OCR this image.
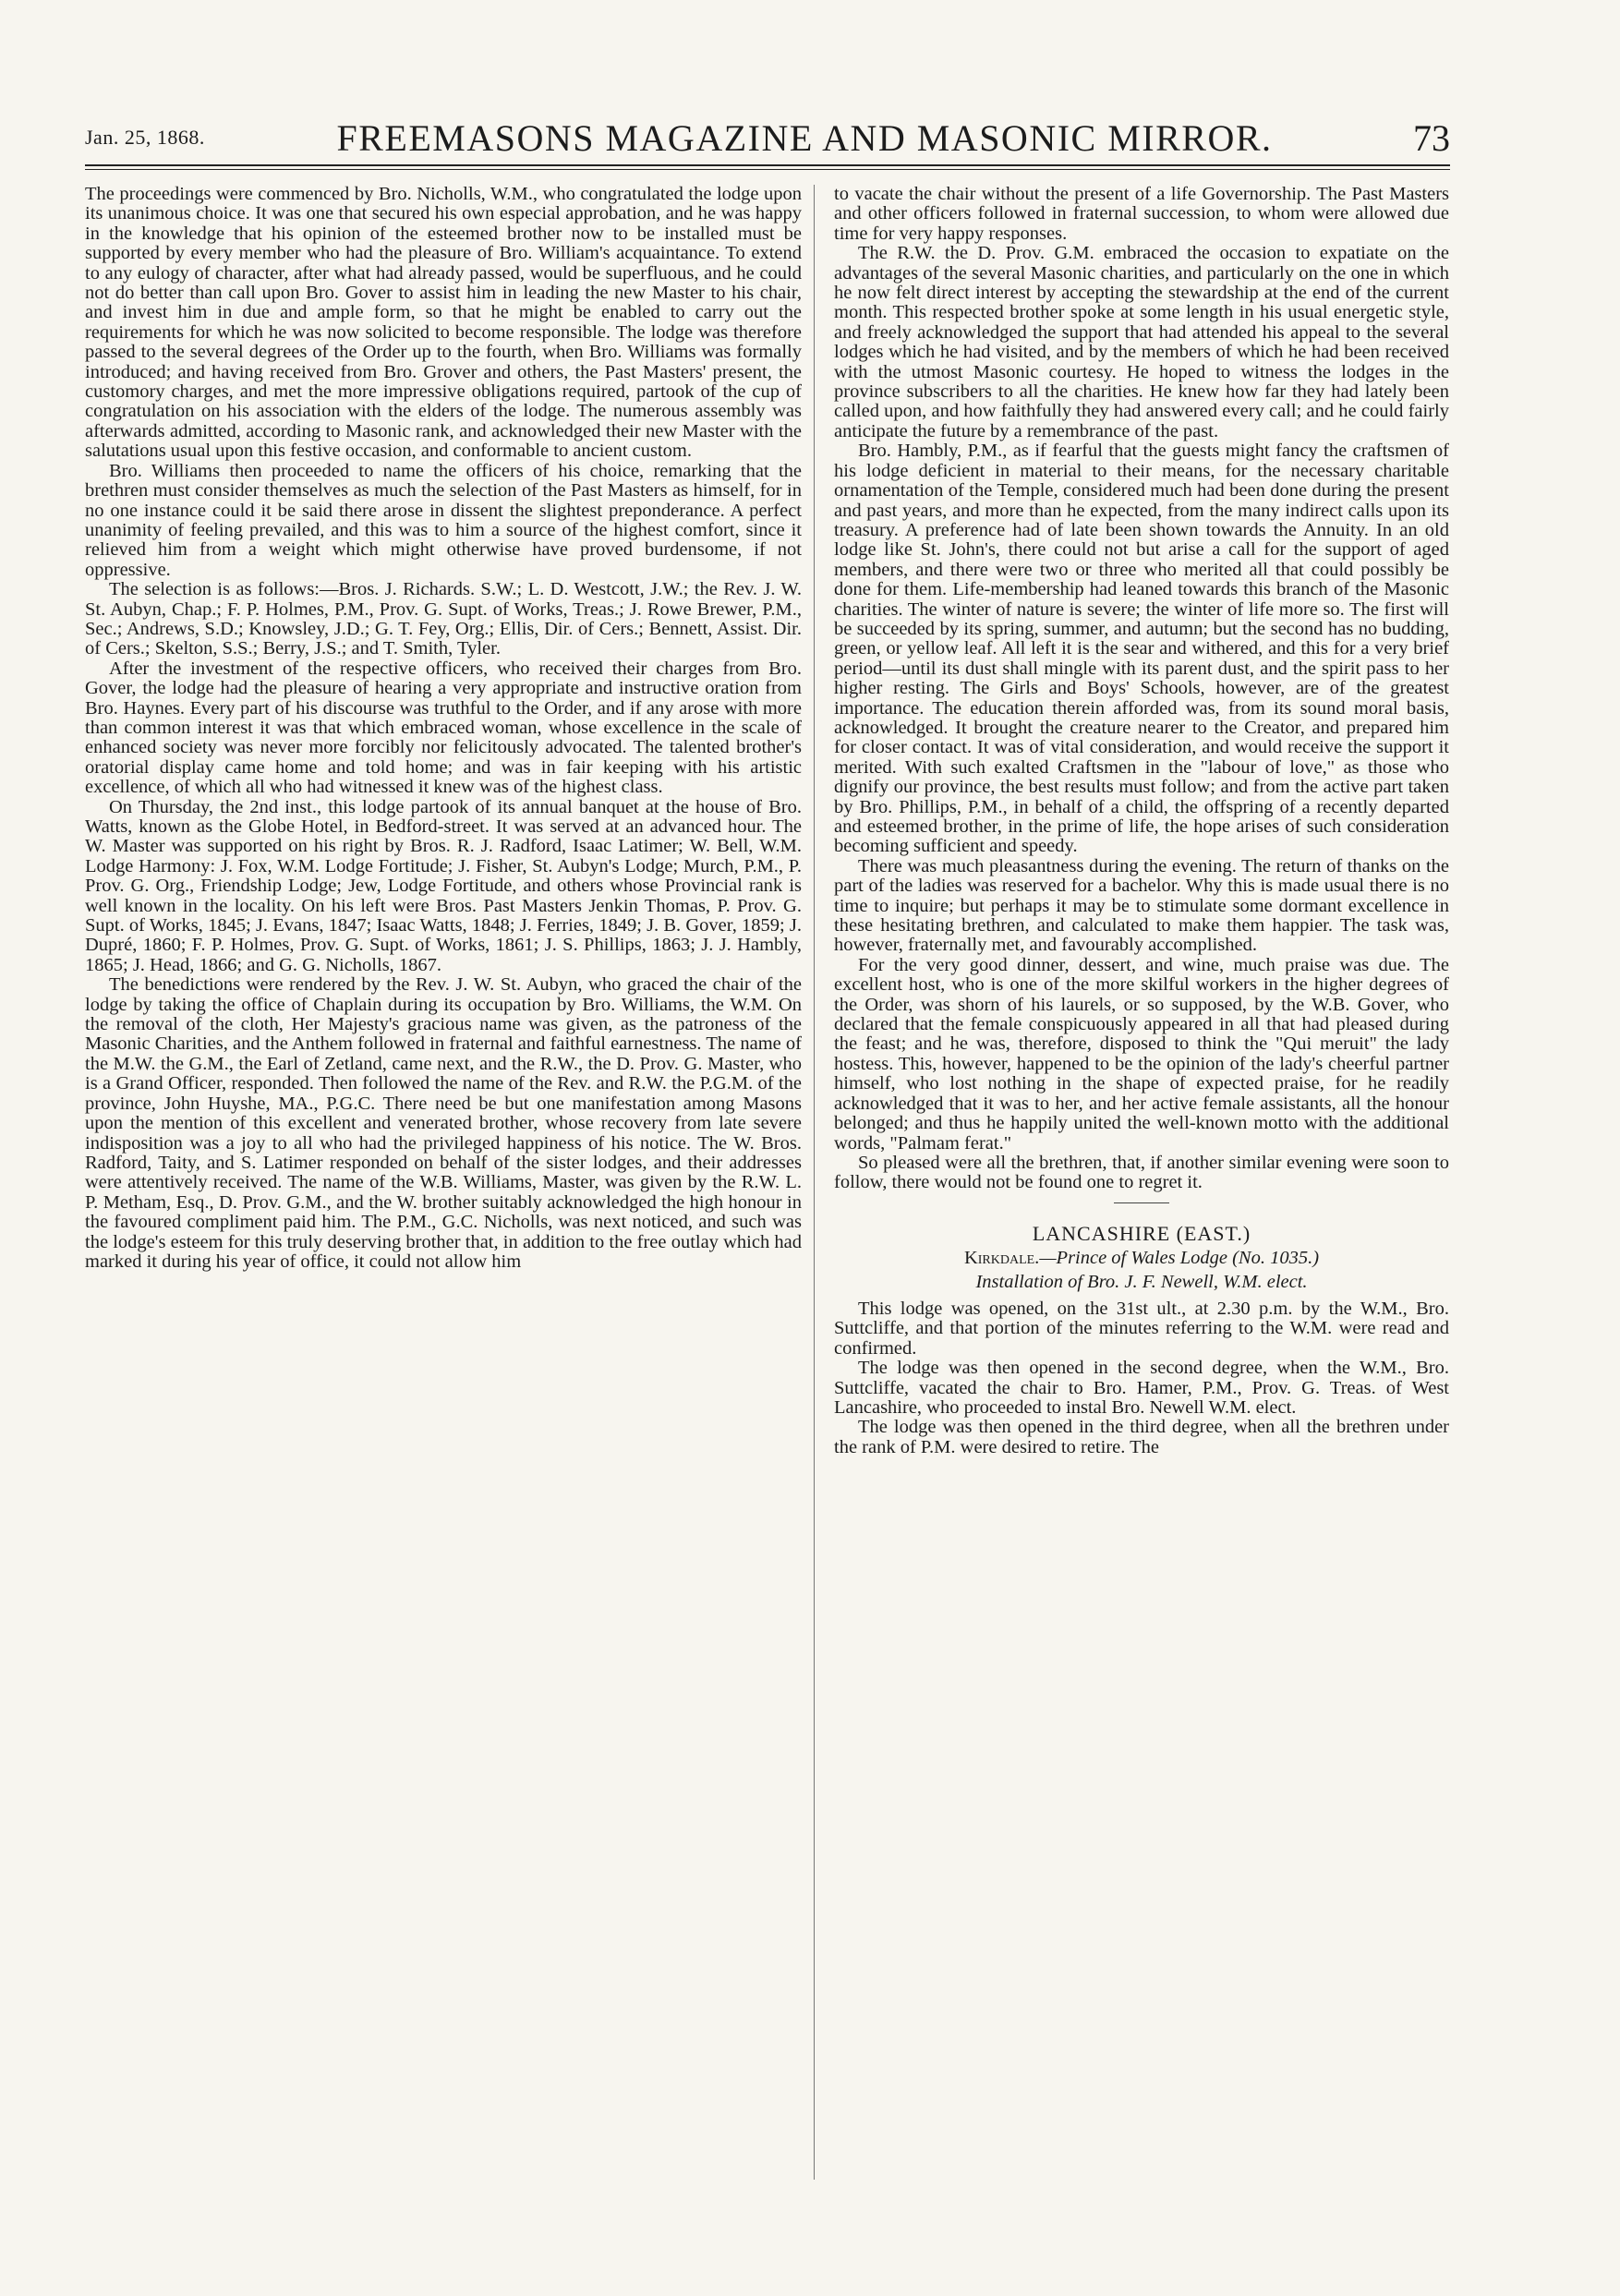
Jan. 25, 1868.	FREEMASONS MAGAZINE AND MASONIC MIRROR.	73

The proceedings were commenced by Bro. Nicholls, W.M., who congratulated the lodge upon its unanimous choice. It was one that secured his own especial approbation, and he was happy in the knowledge that his opinion of the esteemed brother now to be installed must be supported by every member who had the pleasure of Bro. William's acquaintance. To extend to any eulogy of character, after what had already passed, would be superfluous, and he could not do better than call upon Bro. Gover to assist him in leading the new Master to his chair, and invest him in due and ample form, so that he might be enabled to carry out the requirements for which he was now solicited to become responsible. The lodge was therefore passed to the several degrees of the Order up to the fourth, when Bro. Williams was formally introduced; and having received from Bro. Grover and others, the Past Masters' present, the customory charges, and met the more impressive obligations required, partook of the cup of congratulation on his association with the elders of the lodge. The numerous assembly was afterwards admitted, according to Masonic rank, and acknowledged their new Master with the salutations usual upon this festive occasion, and conformable to ancient custom.

Bro. Williams then proceeded to name the officers of his choice, remarking that the brethren must consider themselves as much the selection of the Past Masters as himself, for in no one instance could it be said there arose in dissent the slightest preponderance. A perfect unanimity of feeling prevailed, and this was to him a source of the highest comfort, since it relieved him from a weight which might otherwise have proved burdensome, if not oppressive.

The selection is as follows:—Bros. J. Richards. S.W.; L. D. Westcott, J.W.; the Rev. J. W. St. Aubyn, Chap.; F. P. Holmes, P.M., Prov. G. Supt. of Works, Treas.; J. Rowe Brewer, P.M., Sec.; Andrews, S.D.; Knowsley, J.D.; G. T. Fey, Org.; Ellis, Dir. of Cers.; Bennett, Assist. Dir. of Cers.; Skelton, S.S.; Berry, J.S.; and T. Smith, Tyler.

After the investment of the respective officers, who received their charges from Bro. Gover, the lodge had the pleasure of hearing a very appropriate and instructive oration from Bro. Haynes. Every part of his discourse was truthful to the Order, and if any arose with more than common interest it was that which embraced woman, whose excellence in the scale of enhanced society was never more forcibly nor felicitously advocated. The talented brother's oratorial display came home and told home; and was in fair keeping with his artistic excellence, of which all who had witnessed it knew was of the highest class.

On Thursday, the 2nd inst., this lodge partook of its annual banquet at the house of Bro. Watts, known as the Globe Hotel, in Bedford-street. It was served at an advanced hour. The W. Master was supported on his right by Bros. R. J. Radford, Isaac Latimer; W. Bell, W.M. Lodge Harmony: J. Fox, W.M. Lodge Fortitude; J. Fisher, St. Aubyn's Lodge; Murch, P.M., P. Prov. G. Org., Friendship Lodge; Jew, Lodge Fortitude, and others whose Provincial rank is well known in the locality. On his left were Bros. Past Masters Jenkin Thomas, P. Prov. G. Supt. of Works, 1845; J. Evans, 1847; Isaac Watts, 1848; J. Ferries, 1849; J. B. Gover, 1859; J. Dupré, 1860; F. P. Holmes, Prov. G. Supt. of Works, 1861; J. S. Phillips, 1863; J. J. Hambly, 1865; J. Head, 1866; and G. G. Nicholls, 1867.

The benedictions were rendered by the Rev. J. W. St. Aubyn, who graced the chair of the lodge by taking the office of Chaplain during its occupation by Bro. Williams, the W.M. On the removal of the cloth, Her Majesty's gracious name was given, as the patroness of the Masonic Charities, and the Anthem followed in fraternal and faithful earnestness. The name of the M.W. the G.M., the Earl of Zetland, came next, and the R.W., the D. Prov. G. Master, who is a Grand Officer, responded. Then followed the name of the Rev. and R.W. the P.G.M. of the province, John Huyshe, MA., P.G.C. There need be but one manifestation among Masons upon the mention of this excellent and venerated brother, whose recovery from late severe indisposition was a joy to all who had the privileged happiness of his notice. The W. Bros. Radford, Taity, and S. Latimer responded on behalf of the sister lodges, and their addresses were attentively received. The name of the W.B. Williams, Master, was given by the R.W. L. P. Metham, Esq., D. Prov. G.M., and the W. brother suitably acknowledged the high honour in the favoured compliment paid him. The P.M., G.C. Nicholls, was next noticed, and such was the lodge's esteem for this truly deserving brother that, in addition to the free outlay which had marked it during his year of office, it could not allow him

to vacate the chair without the present of a life Governorship. The Past Masters and other officers followed in fraternal succession, to whom were allowed due time for very happy responses.

The R.W. the D. Prov. G.M. embraced the occasion to expatiate on the advantages of the several Masonic charities, and particularly on the one in which he now felt direct interest by accepting the stewardship at the end of the current month. This respected brother spoke at some length in his usual energetic style, and freely acknowledged the support that had attended his appeal to the several lodges which he had visited, and by the members of which he had been received with the utmost Masonic courtesy. He hoped to witness the lodges in the province subscribers to all the charities. He knew how far they had lately been called upon, and how faithfully they had answered every call; and he could fairly anticipate the future by a remembrance of the past.

Bro. Hambly, P.M., as if fearful that the guests might fancy the craftsmen of his lodge deficient in material to their means, for the necessary charitable ornamentation of the Temple, considered much had been done during the present and past years, and more than he expected, from the many indirect calls upon its treasury. A preference had of late been shown towards the Annuity. In an old lodge like St. John's, there could not but arise a call for the support of aged members, and there were two or three who merited all that could possibly be done for them. Life-membership had leaned towards this branch of the Masonic charities. The winter of nature is severe; the winter of life more so. The first will be succeeded by its spring, summer, and autumn; but the second has no budding, green, or yellow leaf. All left it is the sear and withered, and this for a very brief period—until its dust shall mingle with its parent dust, and the spirit pass to her higher resting. The Girls and Boys' Schools, however, are of the greatest importance. The education therein afforded was, from its sound moral basis, acknowledged. It brought the creature nearer to the Creator, and prepared him for closer contact. It was of vital consideration, and would receive the support it merited. With such exalted Craftsmen in the "labour of love," as those who dignify our province, the best results must follow; and from the active part taken by Bro. Phillips, P.M., in behalf of a child, the offspring of a recently departed and esteemed brother, in the prime of life, the hope arises of such consideration becoming sufficient and speedy.

There was much pleasantness during the evening. The return of thanks on the part of the ladies was reserved for a bachelor. Why this is made usual there is no time to inquire; but perhaps it may be to stimulate some dormant excellence in these hesitating brethren, and calculated to make them happier. The task was, however, fraternally met, and favourably accomplished.

For the very good dinner, dessert, and wine, much praise was due. The excellent host, who is one of the more skilful workers in the higher degrees of the Order, was shorn of his laurels, or so supposed, by the W.B. Gover, who declared that the female conspicuously appeared in all that had pleased during the feast; and he was, therefore, disposed to think the "Qui meruit" the lady hostess. This, however, happened to be the opinion of the lady's cheerful partner himself, who lost nothing in the shape of expected praise, for he readily acknowledged that it was to her, and her active female assistants, all the honour belonged; and thus he happily united the well-known motto with the additional words, "Palmam ferat."

So pleased were all the brethren, that, if another similar evening were soon to follow, there would not be found one to regret it.

LANCASHIRE (EAST.)

Kirkdale.—Prince of Wales Lodge (No. 1035.)

Installation of Bro. J. F. Newell, W.M. elect.

This lodge was opened, on the 31st ult., at 2.30 p.m. by the W.M., Bro. Suttcliffe, and that portion of the minutes referring to the W.M. were read and confirmed.

The lodge was then opened in the second degree, when the W.M., Bro. Suttcliffe, vacated the chair to Bro. Hamer, P.M., Prov. G. Treas. of West Lancashire, who proceeded to instal Bro. Newell W.M. elect.

The lodge was then opened in the third degree, when all the brethren under the rank of P.M. were desired to retire. The
